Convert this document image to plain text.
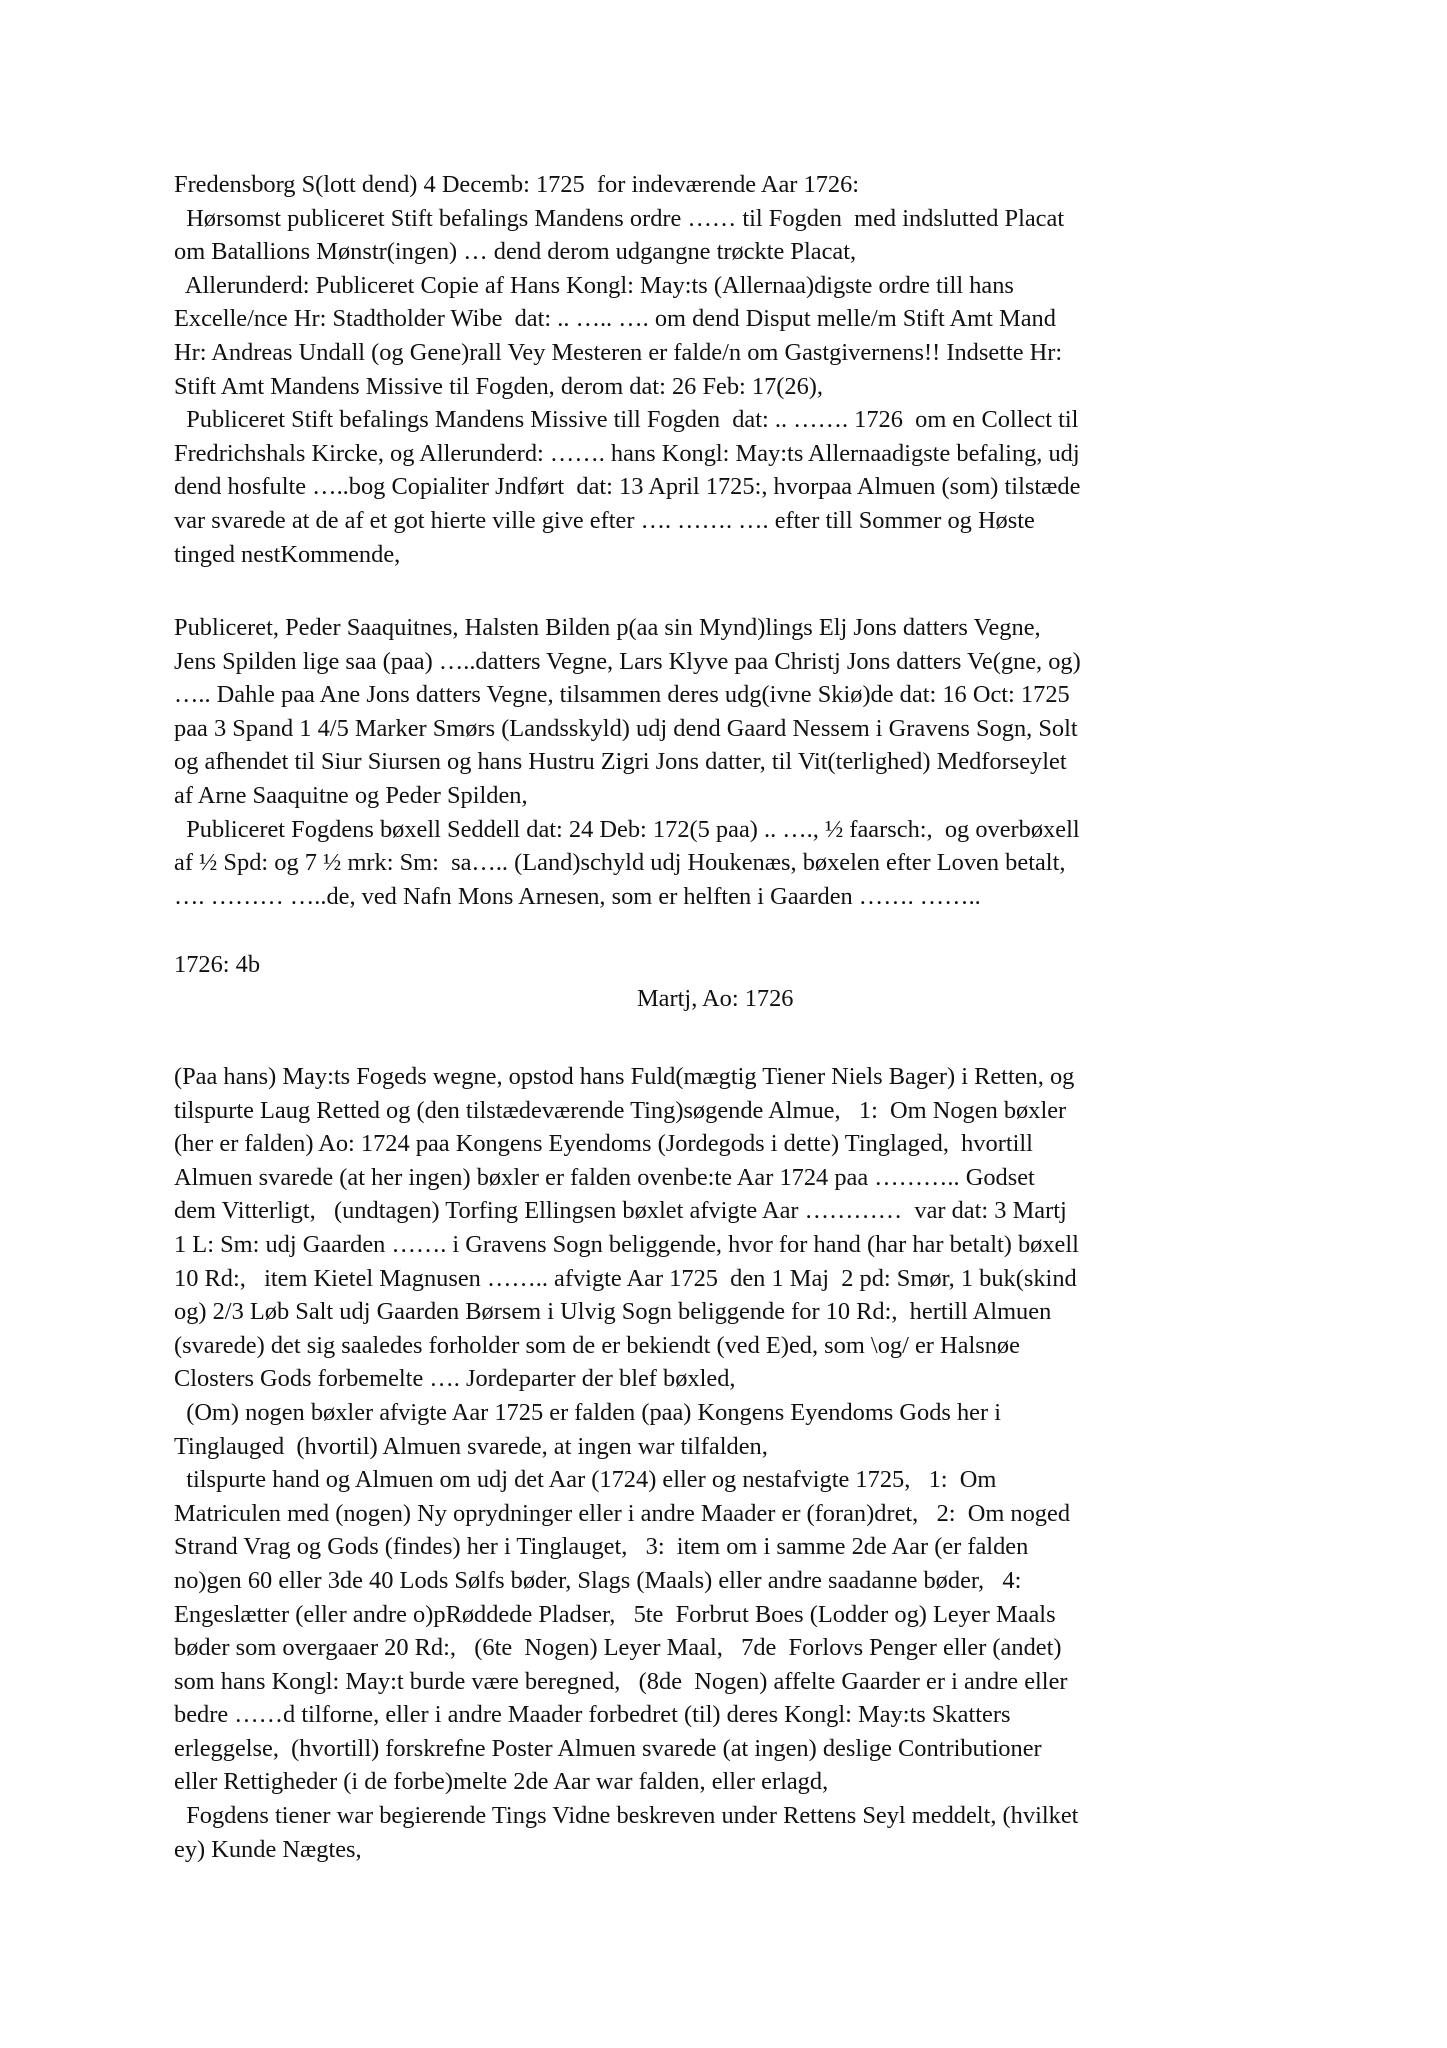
Fredensborg S(lott dend) 4 Decemb: 1725  for indeværende Aar 1726:
Hørsomst publiceret Stift befalings Mandens ordre …… til Fogden  med indslutted Placat
om Batallions Mønstr(ingen) … dend derom udgangne trøckte Placat,
Allerunderd: Publiceret Copie af Hans Kongl: May:ts (Allernaa)digste ordre till hans
Excelle/nce Hr: Stadtholder Wibe  dat: .. ….. …. om dend Disput melle/m Stift Amt Mand
Hr: Andreas Undall (og Gene)rall Vey Mesteren er falde/n om Gastgivernens!! Indsette Hr:
Stift Amt Mandens Missive til Fogden, derom dat: 26 Feb: 17(26),
Publiceret Stift befalings Mandens Missive till Fogden  dat: .. ……. 1726  om en Collect til
Fredrichshals Kircke, og Allerunderd: ……. hans Kongl: May:ts Allernaadigste befaling, udj
dend hosfulte …..bog Copialiter Jndført  dat: 13 April 1725:, hvorpaa Almuen (som) tilstæde
var svarede at de af et got hierte ville give efter …. ……. …. efter till Sommer og Høste
tinged nestKommende,
Publiceret, Peder Saaquitnes, Halsten Bilden p(aa sin Mynd)lings Elj Jons datters Vegne,
Jens Spilden lige saa (paa) …..datters Vegne, Lars Klyve paa Christj Jons datters Ve(gne, og)
….. Dahle paa Ane Jons datters Vegne, tilsammen deres udg(ivne Skiø)de dat: 16 Oct: 1725
paa 3 Spand 1 4/5 Marker Smørs (Landsskyld) udj dend Gaard Nessem i Gravens Sogn, Solt
og afhendet til Siur Siursen og hans Hustru Zigri Jons datter, til Vit(terlighed) Medforseylet
af Arne Saaquitne og Peder Spilden,
Publiceret Fogdens bøxell Seddell dat: 24 Deb: 172(5 paa) .. …., ½ faarsch:,  og overbøxell
af ½ Spd: og 7 ½ mrk: Sm:  sa….. (Land)schyld udj Houkenæs, bøxelen efter Loven betalt,
…. ……… …..de, ved Nafn Mons Arnesen, som er helften i Gaarden ……. ……..
1726: 4b
Martj, Ao: 1726
(Paa hans) May:ts Fogeds wegne, opstod hans Fuld(mægtig Tiener Niels Bager) i Retten, og
tilspurte Laug Retted og (den tilstædeværende Ting)søgende Almue,   1:  Om Nogen bøxler
(her er falden) Ao: 1724 paa Kongens Eyendoms (Jordegods i dette) Tinglaged,  hvortill
Almuen svarede (at her ingen) bøxler er falden ovenbe:te Aar 1724 paa ……….. Godset
dem Vitterligt,   (undtagen) Torfing Ellingsen bøxlet afvigte Aar …………  var dat: 3 Martj
1 L: Sm: udj Gaarden ……. i Gravens Sogn beliggende, hvor for hand (har har betalt) bøxell
10 Rd:,   item Kietel Magnusen …….. afvigte Aar 1725  den 1 Maj  2 pd: Smør, 1 buk(skind
og) 2/3 Løb Salt udj Gaarden Børsem i Ulvig Sogn beliggende for 10 Rd:,  hertill Almuen
(svarede) det sig saaledes forholder som de er bekiendt (ved E)ed, som \og/ er Halsnøe
Closters Gods forbemelte …. Jordeparter der blef bøxled,
(Om) nogen bøxler afvigte Aar 1725 er falden (paa) Kongens Eyendoms Gods her i
Tinglauged  (hvortil) Almuen svarede, at ingen war tilfalden,
tilspurte hand og Almuen om udj det Aar (1724) eller og nestafvigte 1725,   1:  Om
Matriculen med (nogen) Ny oprydninger eller i andre Maader er (foran)dret,   2:  Om noged
Strand Vrag og Gods (findes) her i Tinglauget,   3:  item om i samme 2de Aar (er falden
no)gen 60 eller 3de 40 Lods Sølfs bøder, Slags (Maals) eller andre saadanne bøder,   4:
Engeslætter (eller andre o)pRøddede Pladser,   5te  Forbrut Boes (Lodder og) Leyer Maals
bøder som overgaaer 20 Rd:,   (6te  Nogen) Leyer Maal,   7de  Forlovs Penger eller (andet)
som hans Kongl: May:t burde være beregned,   (8de  Nogen) affelte Gaarder er i andre eller
bedre ……d tilforne, eller i andre Maader forbedret (til) deres Kongl: May:ts Skatters
erleggelse,  (hvortill) forskrefne Poster Almuen svarede (at ingen) deslige Contributioner
eller Rettigheder (i de forbe)melte 2de Aar war falden, eller erlagd,
Fogdens tiener war begierende Tings Vidne beskreven under Rettens Seyl meddelt, (hvilket
ey) Kunde Nægtes,
